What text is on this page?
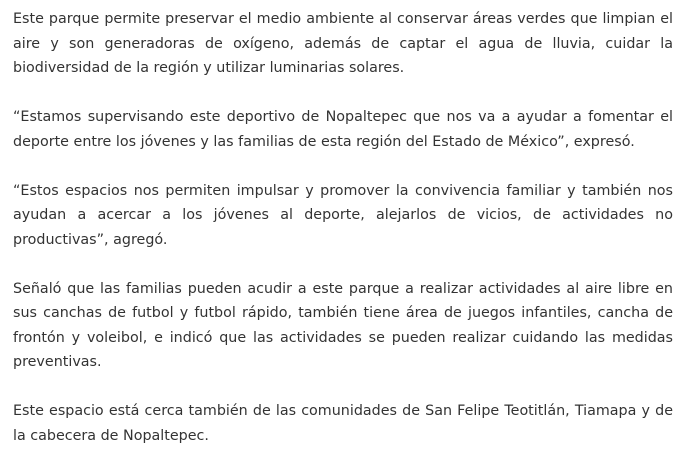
Este parque permite preservar el medio ambiente al conservar áreas verdes que limpian el aire y son generadoras de oxígeno, además de captar el agua de lluvia, cuidar la biodiversidad de la región y utilizar luminarias solares.

“Estamos supervisando este deportivo de Nopaltepec que nos va a ayudar a fomentar el deporte entre los jóvenes y las familias de esta región del Estado de México”, expresó.

“Estos espacios nos permiten impulsar y promover la convivencia familiar y también nos ayudan a acercar a los jóvenes al deporte, alejarlos de vicios, de actividades no productivas”, agregó.

Señaló que las familias pueden acudir a este parque a realizar actividades al aire libre en sus canchas de futbol y futbol rápido, también tiene área de juegos infantiles, cancha de frontón y voleibol, e indicó que las actividades se pueden realizar cuidando las medidas preventivas.

Este espacio está cerca también de las comunidades de San Felipe Teotitlán, Tiamapa y de la cabecera de Nopaltepec.
